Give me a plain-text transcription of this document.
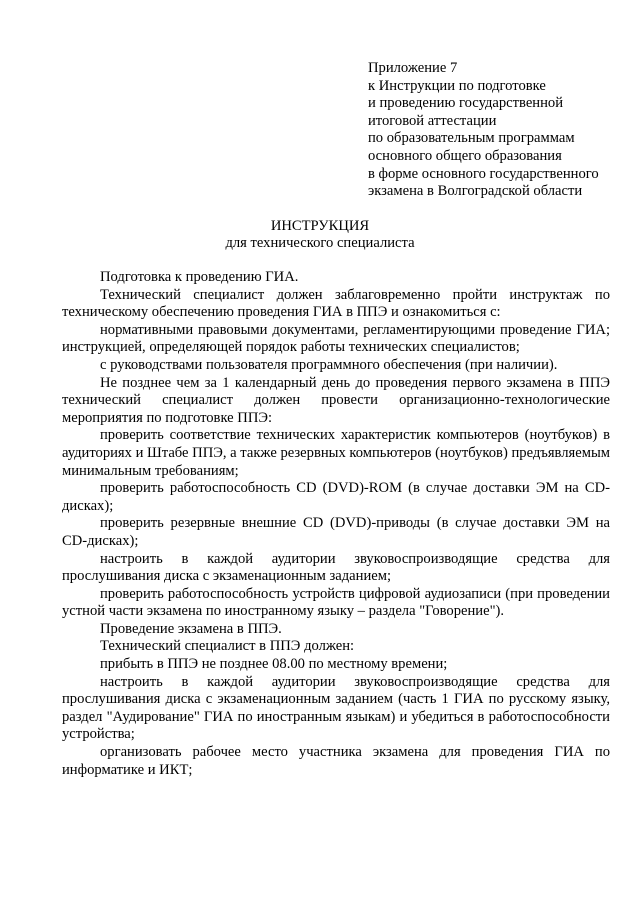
Приложение 7
к Инструкции по подготовке
и проведению государственной
итоговой аттестации
по образовательным программам
основного общего образования
в форме основного государственного
экзамена в Волгоградской области
ИНСТРУКЦИЯ
для технического специалиста

Подготовка к проведению ГИА.

Технический специалист должен заблаговременно пройти инструктаж по техническому обеспечению проведения ГИА в ППЭ и ознакомиться с:

нормативными правовыми документами, регламентирующими проведение ГИА; инструкцией, определяющей порядок работы технических специалистов;

с руководствами пользователя программного обеспечения (при наличии).

Не позднее чем за 1 календарный день до проведения первого экзамена в ППЭ технический специалист должен провести организационно-технологические мероприятия по подготовке ППЭ:

проверить соответствие технических характеристик компьютеров (ноутбуков) в аудиториях и Штабе ППЭ, а также резервных компьютеров (ноутбуков) предъявляемым минимальным требованиям;

проверить работоспособность CD (DVD)-ROM (в случае доставки ЭМ на CD-дисках);

проверить резервные внешние CD (DVD)-приводы (в случае доставки ЭМ на CD-дисках);

настроить в каждой аудитории звуковоспроизводящие средства для прослушивания диска с экзаменационным заданием;

проверить работоспособность устройств цифровой аудиозаписи (при проведении устной части экзамена по иностранному языку – раздела "Говорение").

Проведение экзамена в ППЭ.

Технический специалист в ППЭ должен:

прибыть в ППЭ не позднее 08.00 по местному времени;

настроить в каждой аудитории звуковоспроизводящие средства для прослушивания диска с экзаменационным заданием (часть 1 ГИА по русскому языку, раздел "Аудирование" ГИА по иностранным языкам) и убедиться в работоспособности устройства;

организовать рабочее место участника экзамена для проведения ГИА по информатике и ИКТ;
